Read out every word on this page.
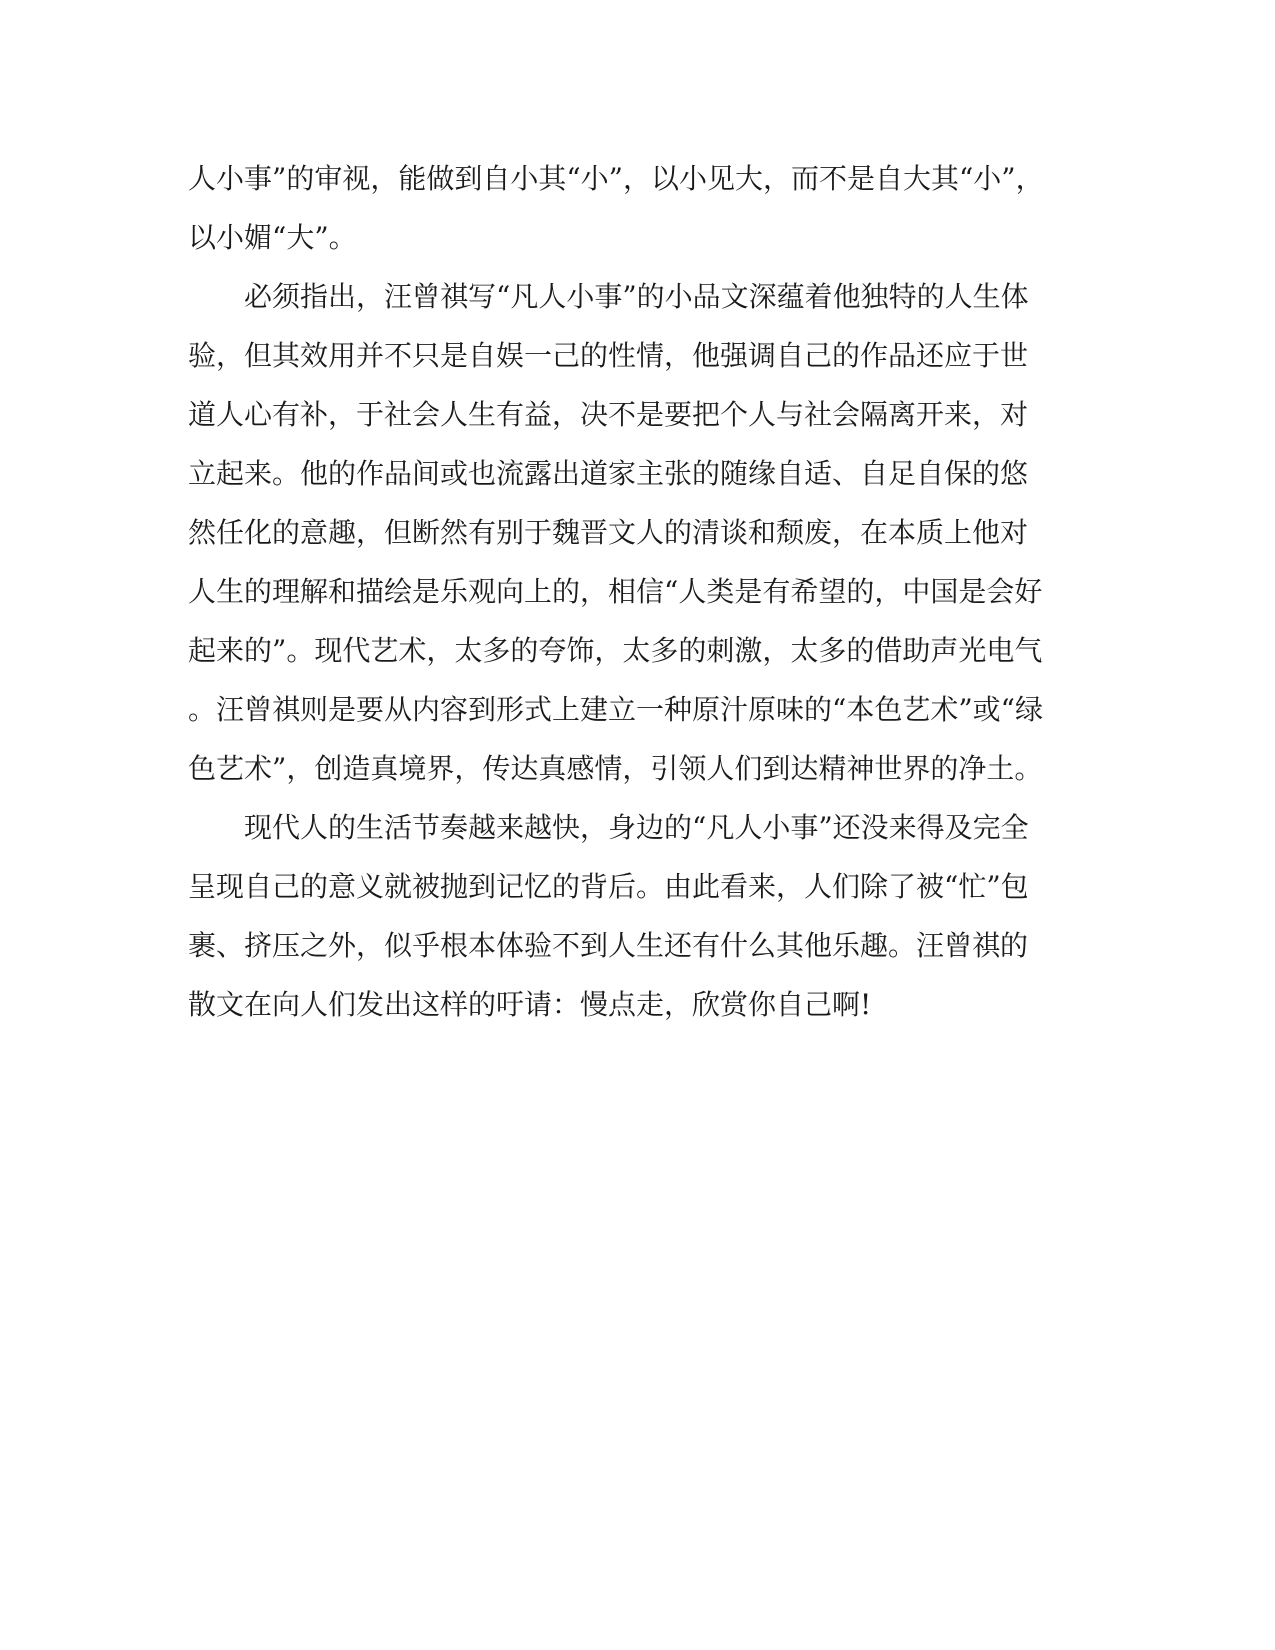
人小事”的审视，能做到自小其“小”，以小见大，而不是自大其“小”，
以小媚“大”。
　　必须指出，汪曾祺写“凡人小事”的小品文深蕴着他独特的人生体
验，但其效用并不只是自娱一己的性情，他强调自己的作品还应于世
道人心有补，于社会人生有益，决不是要把个人与社会隔离开来，对
立起来。他的作品间或也流露出道家主张的随缘自适、自足自保的悠
然任化的意趣，但断然有别于魏晋文人的清谈和颓废，在本质上他对
人生的理解和描绘是乐观向上的，相信“人类是有希望的，中国是会好
起来的”。现代艺术，太多的夸饰，太多的刺激，太多的借助声光电气
。汪曾祺则是要从内容到形式上建立一种原汁原味的“本色艺术”或“绿
色艺术”，创造真境界，传达真感情，引领人们到达精神世界的净土。
　　现代人的生活节奏越来越快，身边的“凡人小事”还没来得及完全
呈现自己的意义就被抛到记忆的背后。由此看来，人们除了被“忙”包
裹、挤压之外，似乎根本体验不到人生还有什么其他乐趣。汪曾祺的
散文在向人们发出这样的吁请：慢点走，欣赏你自己啊!
